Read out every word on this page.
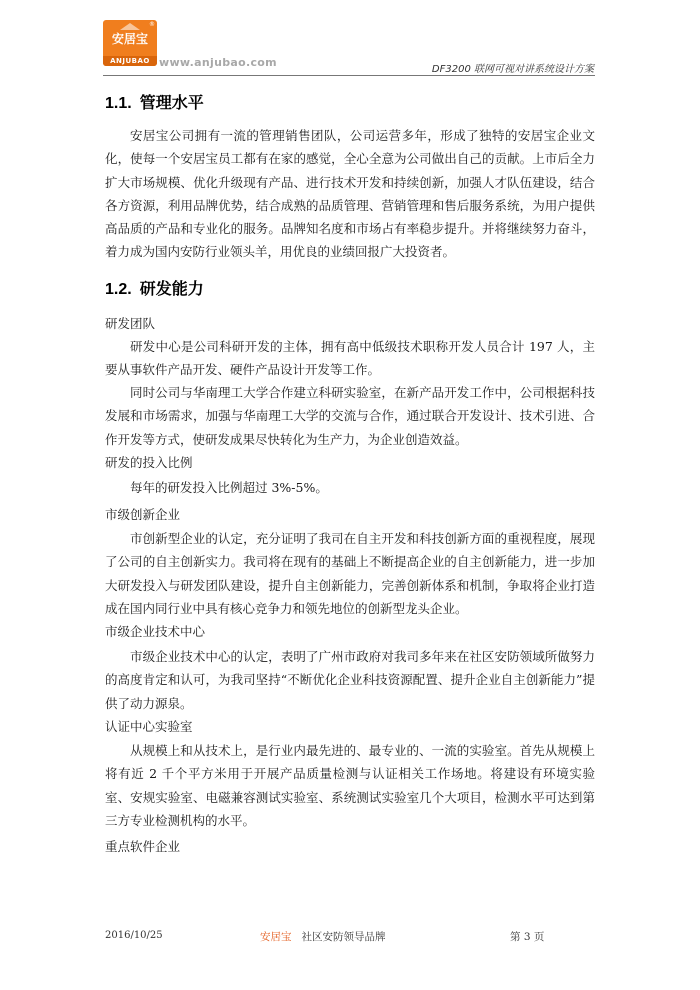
安居宝
®
ANJUBAO www.anjubao.com
DF3200 联网可视对讲系统设计方案
1.1. 管理水平
安居宝公司拥有一流的管理销售团队，公司运营多年，形成了独特的安居宝企业文化，使每一个安居宝员工都有在家的感觉，全心全意为公司做出自己的贡献。上市后全力扩大市场规模、优化升级现有产品、进行技术开发和持续创新，加强人才队伍建设，结合各方资源，利用品牌优势，结合成熟的品质管理、营销管理和售后服务系统，为用户提供高品质的产品和专业化的服务。品牌知名度和市场占有率稳步提升。并将继续努力奋斗，着力成为国内安防行业领头羊，用优良的业绩回报广大投资者。
1.2. 研发能力
研发团队
研发中心是公司科研开发的主体，拥有高中低级技术职称开发人员合计 197 人，主要从事软件产品开发、硬件产品设计开发等工作。
同时公司与华南理工大学合作建立科研实验室，在新产品开发工作中，公司根据科技发展和市场需求，加强与华南理工大学的交流与合作，通过联合开发设计、技术引进、合作开发等方式，使研发成果尽快转化为生产力，为企业创造效益。
研发的投入比例
每年的研发投入比例超过 3%-5%。
市级创新企业
市创新型企业的认定，充分证明了我司在自主开发和科技创新方面的重视程度，展现了公司的自主创新实力。我司将在现有的基础上不断提高企业的自主创新能力，进一步加大研发投入与研发团队建设，提升自主创新能力，完善创新体系和机制，争取将企业打造成在国内同行业中具有核心竞争力和领先地位的创新型龙头企业。
市级企业技术中心
市级企业技术中心的认定，表明了广州市政府对我司多年来在社区安防领域所做努力的高度肯定和认可，为我司坚持“不断优化企业科技资源配置、提升企业自主创新能力”提供了动力源泉。
认证中心实验室
从规模上和从技术上，是行业内最先进的、最专业的、一流的实验室。首先从规模上将有近 2 千个平方米用于开展产品质量检测与认证相关工作场地。将建设有环境实验室、安规实验室、电磁兼容测试实验室、系统测试实验室几个大项目，检测水平可达到第三方专业检测机构的水平。
重点软件企业
2016/10/25	安居宝 社区安防领导品牌	第 3 页
